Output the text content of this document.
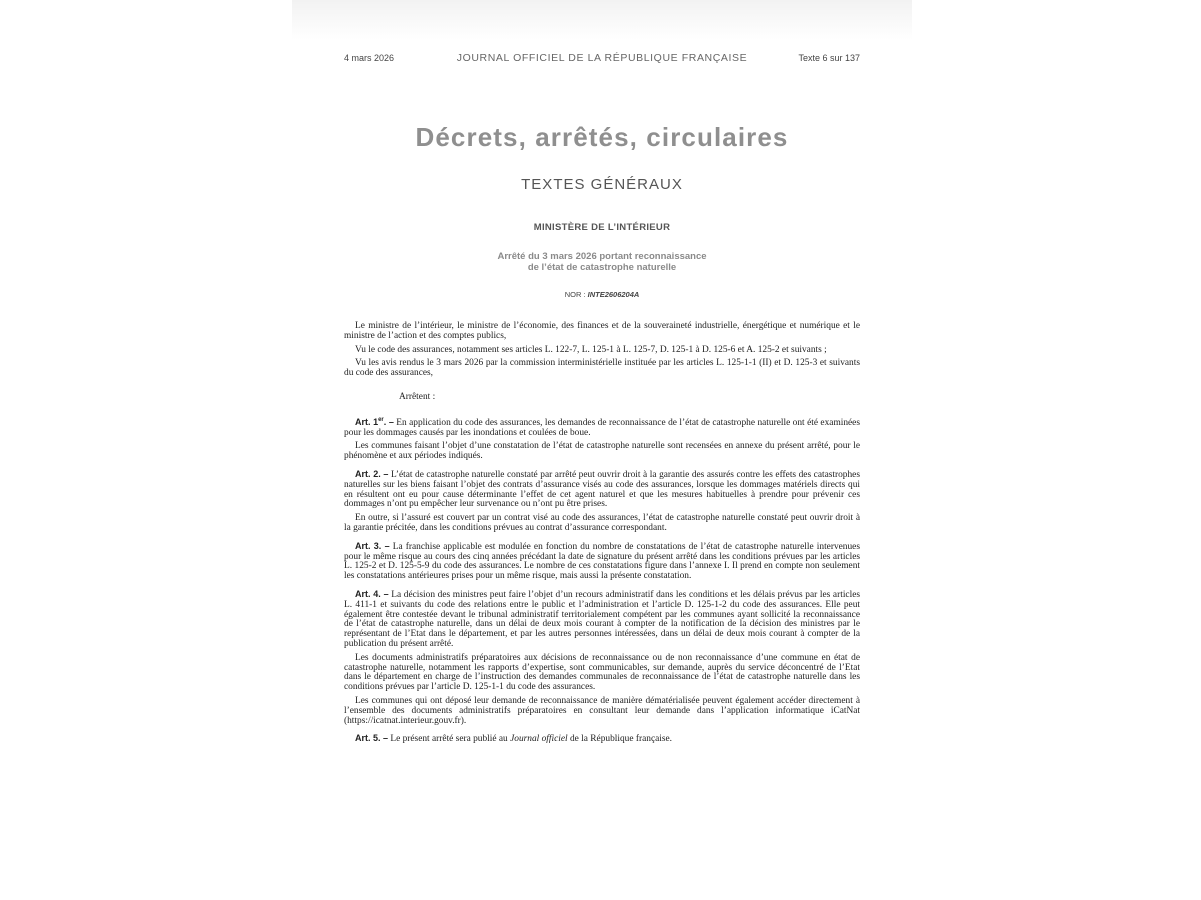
JOURNAL OFFICIEL DE LA RÉPUBLIQUE FRANÇAISE
4 mars 2026	Texte 6 sur 137
Décrets, arrêtés, circulaires
TEXTES GÉNÉRAUX
MINISTÈRE DE L’INTÉRIEUR
Arrêté du 3 mars 2026 portant reconnaissance
de l’état de catastrophe naturelle
NOR : INTE2606204A

Le ministre de l’intérieur, le ministre de l’économie, des finances et de la souveraineté industrielle, énergétique et numérique et le ministre de l’action et des comptes publics,

Vu le code des assurances, notamment ses articles L. 122-7, L. 125-1 à L. 125-7, D. 125-1 à D. 125-6 et A. 125-2 et suivants ;

Vu les avis rendus le 3 mars 2026 par la commission interministérielle instituée par les articles L. 125-1-1 (II) et D. 125-3 et suivants du code des assurances,

Arrêtent :

Art. 1er. – En application du code des assurances, les demandes de reconnaissance de l’état de catastrophe naturelle ont été examinées pour les dommages causés par les inondations et coulées de boue.

Les communes faisant l’objet d’une constatation de l’état de catastrophe naturelle sont recensées en annexe du présent arrêté, pour le phénomène et aux périodes indiqués.

Art. 2. – L’état de catastrophe naturelle constaté par arrêté peut ouvrir droit à la garantie des assurés contre les effets des catastrophes naturelles sur les biens faisant l’objet des contrats d’assurance visés au code des assurances, lorsque les dommages matériels directs qui en résultent ont eu pour cause déterminante l’effet de cet agent naturel et que les mesures habituelles à prendre pour prévenir ces dommages n’ont pu empêcher leur survenance ou n’ont pu être prises.

En outre, si l’assuré est couvert par un contrat visé au code des assurances, l’état de catastrophe naturelle constaté peut ouvrir droit à la garantie précitée, dans les conditions prévues au contrat d’assurance correspondant.

Art. 3. – La franchise applicable est modulée en fonction du nombre de constatations de l’état de catastrophe naturelle intervenues pour le même risque au cours des cinq années précédant la date de signature du présent arrêté dans les conditions prévues par les articles L. 125-2 et D. 125-5-9 du code des assurances. Le nombre de ces constatations figure dans l’annexe I. Il prend en compte non seulement les constatations antérieures prises pour un même risque, mais aussi la présente constatation.

Art. 4. – La décision des ministres peut faire l’objet d’un recours administratif dans les conditions et les délais prévus par les articles L. 411-1 et suivants du code des relations entre le public et l’administration et l’article D. 125-1-2 du code des assurances. Elle peut également être contestée devant le tribunal administratif territorialement compétent par les communes ayant sollicité la reconnaissance de l’état de catastrophe naturelle, dans un délai de deux mois courant à compter de la notification de la décision des ministres par le représentant de l’Etat dans le département, et par les autres personnes intéressées, dans un délai de deux mois courant à compter de la publication du présent arrêté.

Les documents administratifs préparatoires aux décisions de reconnaissance ou de non reconnaissance d’une commune en état de catastrophe naturelle, notamment les rapports d’expertise, sont communicables, sur demande, auprès du service déconcentré de l’Etat dans le département en charge de l’instruction des demandes communales de reconnaissance de l’état de catastrophe naturelle dans les conditions prévues par l’article D. 125-1-1 du code des assurances.

Les communes qui ont déposé leur demande de reconnaissance de manière dématérialisée peuvent également accéder directement à l’ensemble des documents administratifs préparatoires en consultant leur demande dans l’application informatique iCatNat (https://icatnat.interieur.gouv.fr).

Art. 5. – Le présent arrêté sera publié au Journal officiel de la République française.
